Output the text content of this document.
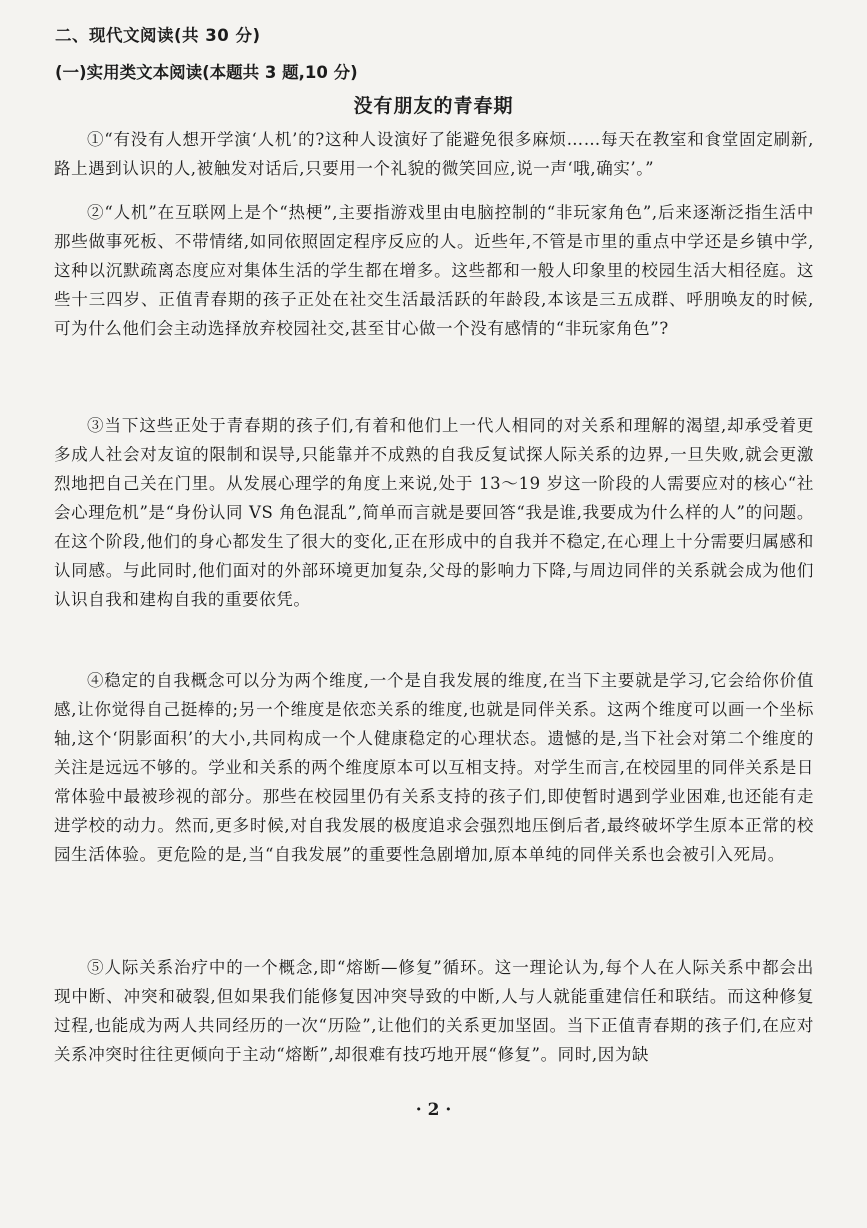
二、现代文阅读(共 30 分)
(一)实用类文本阅读(本题共 3 题,10 分)
没有朋友的青春期
①“有没有人想开学演‘人机’的?这种人设演好了能避免很多麻烦……每天在教室和食堂固定刷新,路上遇到认识的人,被触发对话后,只要用一个礼貌的微笑回应,说一声‘哦,确实’。”
②“人机”在互联网上是个“热梗”,主要指游戏里由电脑控制的“非玩家角色”,后来逐渐泛指生活中那些做事死板、不带情绪,如同依照固定程序反应的人。近些年,不管是市里的重点中学还是乡镇中学,这种以沉默疏离态度应对集体生活的学生都在增多。这些都和一般人印象里的校园生活大相径庭。这些十三四岁、正值青春期的孩子正处在社交生活最活跃的年龄段,本该是三五成群、呼朋唤友的时候,可为什么他们会主动选择放弃校园社交,甚至甘心做一个没有感情的“非玩家角色”?
③当下这些正处于青春期的孩子们,有着和他们上一代人相同的对关系和理解的渴望,却承受着更多成人社会对友谊的限制和误导,只能靠并不成熟的自我反复试探人际关系的边界,一旦失败,就会更激烈地把自己关在门里。从发展心理学的角度上来说,处于 13～19 岁这一阶段的人需要应对的核心“社会心理危机”是“身份认同 VS 角色混乱”,简单而言就是要回答“我是谁,我要成为什么样的人”的问题。在这个阶段,他们的身心都发生了很大的变化,正在形成中的自我并不稳定,在心理上十分需要归属感和认同感。与此同时,他们面对的外部环境更加复杂,父母的影响力下降,与周边同伴的关系就会成为他们认识自我和建构自我的重要依凭。
④稳定的自我概念可以分为两个维度,一个是自我发展的维度,在当下主要就是学习,它会给你价值感,让你觉得自己挺棒的;另一个维度是依恋关系的维度,也就是同伴关系。这两个维度可以画一个坐标轴,这个‘阴影面积’的大小,共同构成一个人健康稳定的心理状态。遗憾的是,当下社会对第二个维度的关注是远远不够的。学业和关系的两个维度原本可以互相支持。对学生而言,在校园里的同伴关系是日常体验中最被珍视的部分。那些在校园里仍有关系支持的孩子们,即使暂时遇到学业困难,也还能有走进学校的动力。然而,更多时候,对自我发展的极度追求会强烈地压倒后者,最终破坏学生原本正常的校园生活体验。更危险的是,当“自我发展”的重要性急剧增加,原本单纯的同伴关系也会被引入死局。
⑤人际关系治疗中的一个概念,即“熔断—修复”循环。这一理论认为,每个人在人际关系中都会出现中断、冲突和破裂,但如果我们能修复因冲突导致的中断,人与人就能重建信任和联结。而这种修复过程,也能成为两人共同经历的一次“历险”,让他们的关系更加坚固。当下正值青春期的孩子们,在应对关系冲突时往往更倾向于主动“熔断”,却很难有技巧地开展“修复”。同时,因为缺
· 2 ·
